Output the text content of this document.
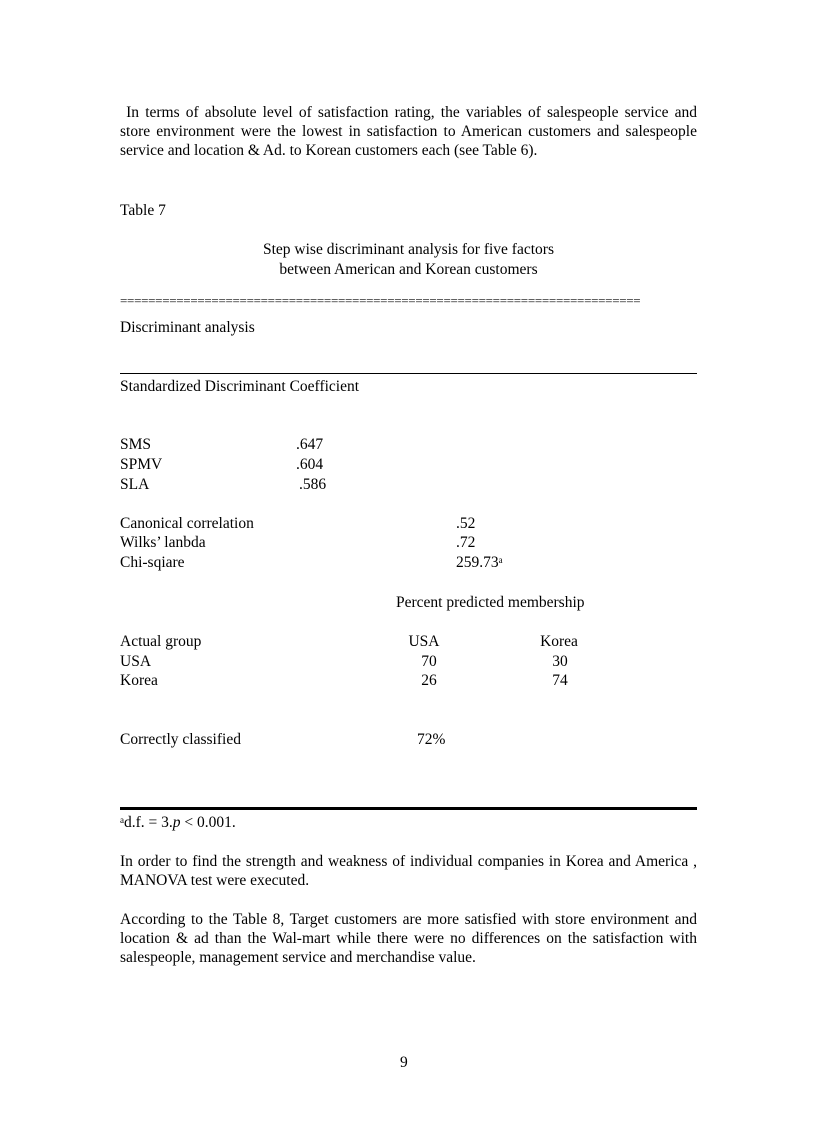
In terms of absolute level of satisfaction rating, the variables of salespeople service and store environment were the lowest in satisfaction to American customers and salespeople service and location & Ad. to Korean customers each (see Table 6).
Table 7
Step wise discriminant analysis for five factors
between American and Korean customers
==========================================================================
Discriminant analysis
Standardized Discriminant Coefficient
SMS	.647
SPMV	.604
SLA	.586
Canonical correlation	.52
Wilks’ lanbda	.72
Chi-sqiare	259.73$^a$
Percent predicted membership
Actual group	USA	Korea
USA	70	30
Korea	26	74
Correctly classified	72%
$^a$d.f. = 3.p < 0.001.
In order to find the strength and weakness of individual companies in Korea and America , MANOVA test were executed.
According to the Table 8, Target customers are more satisfied with store environment and location & ad than the Wal-mart while there were no differences on the satisfaction with salespeople, management service and merchandise value.
9
